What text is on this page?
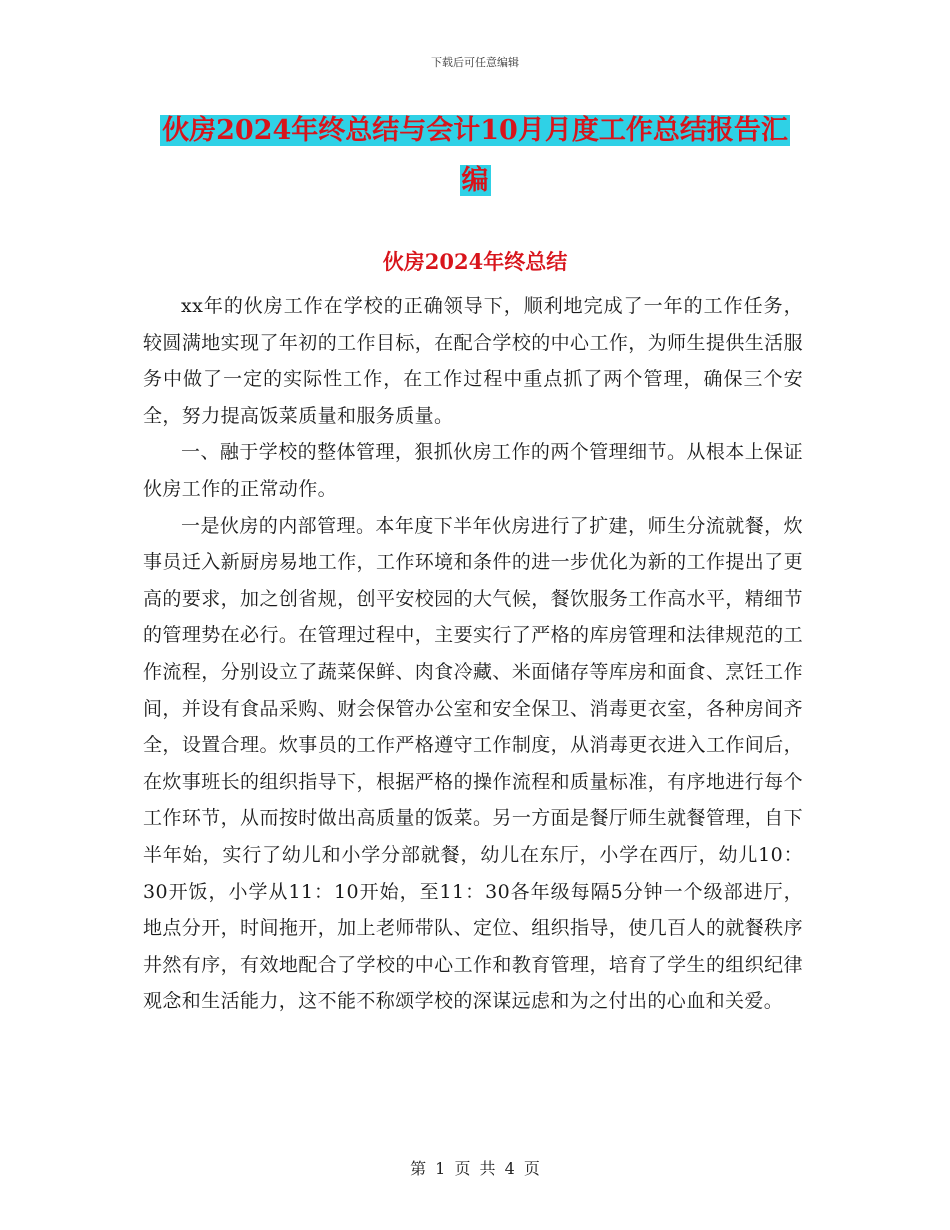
下载后可任意编辑
伙房2024年终总结与会计10月月度工作总结报告汇
编
伙房2024年终总结

xx年的伙房工作在学校的正确领导下，顺利地完成了一年的工作任务，较圆满地实现了年初的工作目标，在配合学校的中心工作，为师生提供生活服务中做了一定的实际性工作，在工作过程中重点抓了两个管理，确保三个安全，努力提高饭菜质量和服务质量。

一、融于学校的整体管理，狠抓伙房工作的两个管理细节。从根本上保证伙房工作的正常动作。

一是伙房的内部管理。本年度下半年伙房进行了扩建，师生分流就餐，炊事员迁入新厨房易地工作，工作环境和条件的进一步优化为新的工作提出了更高的要求，加之创省规，创平安校园的大气候，餐饮服务工作高水平，精细节的管理势在必行。在管理过程中，主要实行了严格的库房管理和法律规范的工作流程，分别设立了蔬菜保鲜、肉食冷藏、米面储存等库房和面食、烹饪工作间，并设有食品采购、财会保管办公室和安全保卫、消毒更衣室，各种房间齐全，设置合理。炊事员的工作严格遵守工作制度，从消毒更衣进入工作间后，在炊事班长的组织指导下，根据严格的操作流程和质量标准，有序地进行每个工作环节，从而按时做出高质量的饭菜。另一方面是餐厅师生就餐管理，自下半年始，实行了幼儿和小学分部就餐，幼儿在东厅，小学在西厅，幼儿10：30开饭，小学从11：10开始，至11：30各年级每隔5分钟一个级部进厅，地点分开，时间拖开，加上老师带队、定位、组织指导，使几百人的就餐秩序井然有序，有效地配合了学校的中心工作和教育管理，培育了学生的组织纪律观念和生活能力，这不能不称颂学校的深谋远虑和为之付出的心血和关爱。

第 1 页 共 4 页
